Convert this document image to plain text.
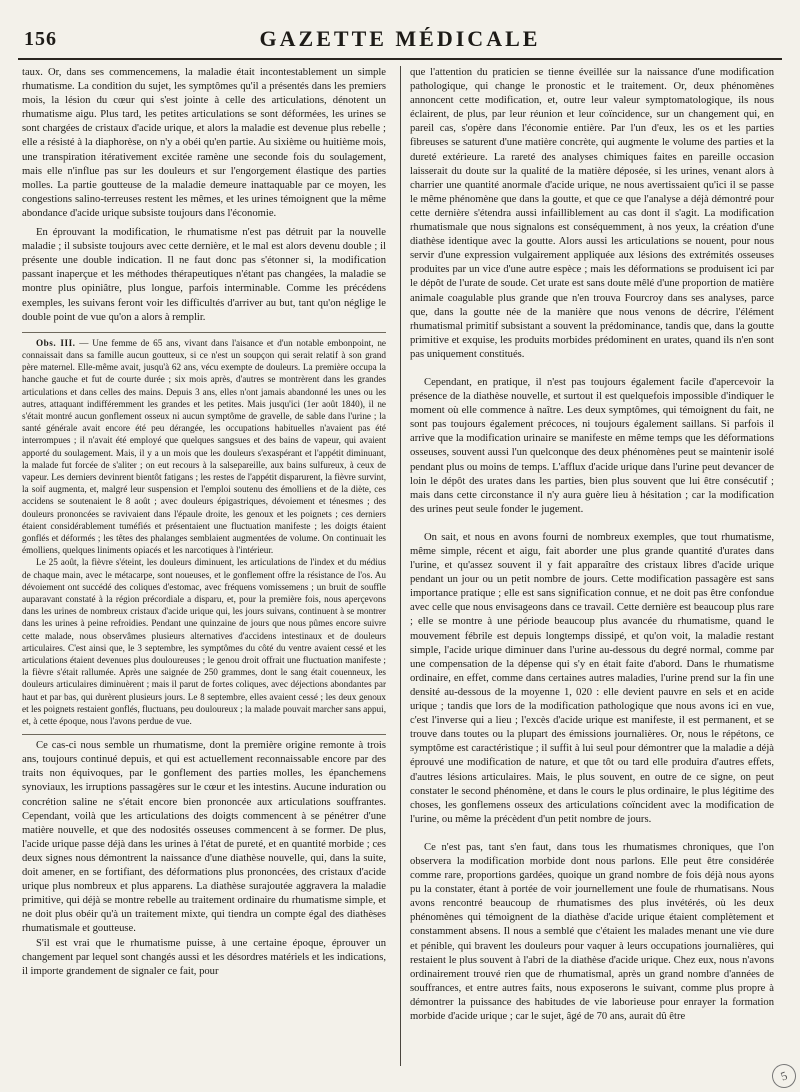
156	GAZETTE MÉDICALE

taux. Or, dans ses commencemens, la maladie était incontestablement un simple rhumatisme. La condition du sujet, les symptômes qu'il a présentés dans les premiers mois, la lésion du cœur qui s'est jointe à celle des articulations, dénotent un rhumatisme aigu. Plus tard, les petites articulations se sont déformées, les urines se sont chargées de cristaux d'acide urique, et alors la maladie est devenue plus rebelle ; elle a résisté à la diaphorèse, on n'y a obéi qu'en partie. Au sixième ou huitième mois, une transpiration itérativement excitée ramène une seconde fois du soulagement, mais elle n'influe pas sur les douleurs et sur l'engorgement élastique des parties molles. La partie goutteuse de la maladie demeure inattaquable par ce moyen, les congestions salino-terreuses restent les mêmes, et les urines témoignent que la même abondance d'acide urique subsiste toujours dans l'économie.

En éprouvant la modification, le rhumatisme n'est pas détruit par la nouvelle maladie ; il subsiste toujours avec cette dernière, et le mal est alors devenu double ; il présente une double indication. Il ne faut donc pas s'étonner si, la modification passant inaperçue et les méthodes thérapeutiques n'étant pas changées, la maladie se montre plus opiniâtre, plus longue, parfois interminable. Comme les précédens exemples, les suivans feront voir les difficultés d'arriver au but, tant qu'on néglige le double point de vue qu'on a alors à remplir.

Obs. III. — Une femme de 65 ans, vivant dans l'aisance et d'un notable embonpoint, ne connaissait dans sa famille aucun goutteux, si ce n'est un soupçon qui serait relatif à son grand père maternel. Elle-même avait, jusqu'à 62 ans, vécu exempte de douleurs. La première occupa la hanche gauche et fut de courte durée ; six mois après, d'autres se montrèrent dans les grandes articulations et dans celles des mains. Depuis 3 ans, elles n'ont jamais abandonné les unes ou les autres, attaquant indifféremment les grandes et les petites. Mais jusqu'ici (1er août 1840), il ne s'était montré aucun gonflement osseux ni aucun symptôme de gravelle, de sable dans l'urine ; la santé générale avait encore été peu dérangée, les occupations habituelles n'avaient pas été interrompues ; il n'avait été employé que quelques sangsues et des bains de vapeur, qui avaient apporté du soulagement. Mais, il y a un mois que les douleurs s'exaspérant et l'appétit diminuant, la malade fut forcée de s'aliter ; on eut recours à la salsepareille, aux bains sulfureux, à ceux de vapeur. Les derniers devinrent bientôt fatigans ; les restes de l'appétit disparurent, la fièvre survint, la soif augmenta, et, malgré leur suspension et l'emploi soutenu des émolliens et de la diète, ces accidens se soutenaient le 8 août ; avec douleurs épigastriques, dévoiement et ténesmes ; des douleurs prononcées se ravivaient dans l'épaule droite, les genoux et les poignets ; ces derniers étaient considérablement tuméfiés et présentaient une fluctuation manifeste ; les doigts étaient gonflés et déformés ; les têtes des phalanges semblaient augmentées de volume. On continuait les émolliens, quelques liniments opiacés et les narcotiques à l'intérieur.

Le 25 août, la fièvre s'éteint, les douleurs diminuent, les articulations de l'index et du médius de chaque main, avec le métacarpe, sont noueuses, et le gonflement offre la résistance de l'os. Au dévoiement ont succédé des coliques d'estomac, avec fréquens vomissemens ; un bruit de souffle auparavant constaté à la région précordiale a disparu, et, pour la première fois, nous aperçevons dans les urines de nombreux cristaux d'acide urique qui, les jours suivans, continuent à se montrer dans les urines à peine refroidies. Pendant une quinzaine de jours que nous pûmes encore suivre cette malade, nous observâmes plusieurs alternatives d'accidens intestinaux et de douleurs articulaires. C'est ainsi que, le 3 septembre, les symptômes du côté du ventre avaient cessé et les articulations étaient devenues plus douloureuses ; le genou droit offrait une fluctuation manifeste ; la fièvre s'était rallumée. Après une saignée de 250 grammes, dont le sang était couenneux, les douleurs articulaires diminuèrent ; mais il parut de fortes coliques, avec déjections abondantes par haut et par bas, qui durèrent plusieurs jours. Le 8 septembre, elles avaient cessé ; les deux genoux et les poignets restaient gonflés, fluctuans, peu douloureux ; la malade pouvait marcher sans appui, et, à cette époque, nous l'avons perdue de vue.

Ce cas-ci nous semble un rhumatisme, dont la première origine remonte à trois ans, toujours continué depuis, et qui est actuellement reconnaissable encore par des traits non équivoques, par le gonflement des parties molles, les épanchemens synoviaux, les irruptions passagères sur le cœur et les intestins. Aucune induration ou concrétion saline ne s'était encore bien prononcée aux articulations souffrantes. Cependant, voilà que les articulations des doigts commencent à se pénétrer d'une matière nouvelle, et que des nodosités osseuses commencent à se former. De plus, l'acide urique passe déjà dans les urines à l'état de pureté, et en quantité morbide ; ces deux signes nous démontrent la naissance d'une diathèse nouvelle, qui, dans la suite, doit amener, en se fortifiant, des déformations plus prononcées, des cristaux d'acide urique plus nombreux et plus apparens. La diathèse surajoutée aggravera la maladie primitive, qui déjà se montre rebelle au traitement ordinaire du rhumatisme simple, et ne doit plus obéir qu'à un traitement mixte, qui tiendra un compte égal des diathèses rhumatismale et goutteuse.

S'il est vrai que le rhumatisme puisse, à une certaine époque, éprouver un changement par lequel sont changés aussi et les désordres matériels et les indications, il importe grandement de signaler ce fait, pour

que l'attention du praticien se tienne éveillée sur la naissance d'une modification pathologique, qui change le pronostic et le traitement. Or, deux phénomènes annoncent cette modification, et, outre leur valeur symptomatologique, ils nous éclairent, de plus, par leur réunion et leur coïncidence, sur un changement qui, en pareil cas, s'opère dans l'économie entière. Par l'un d'eux, les os et les parties fibreuses se saturent d'une matière concrète, qui augmente le volume des parties et la dureté extérieure. La rareté des analyses chimiques faites en pareille occasion laisserait du doute sur la qualité de la matière déposée, si les urines, venant alors à charrier une quantité anormale d'acide urique, ne nous avertissaient qu'ici il se passe le même phénomène que dans la goutte, et que ce que l'analyse a déjà démontré pour cette dernière s'étendra aussi infailliblement au cas dont il s'agit. La modification rhumatismale que nous signalons est conséquemment, à nos yeux, la création d'une diathèse identique avec la goutte. Alors aussi les articulations se nouent, pour nous servir d'une expression vulgairement appliquée aux lésions des extrémités osseuses produites par un vice d'une autre espèce ; mais les déformations se produisent ici par le dépôt de l'urate de soude. Cet urate est sans doute mêlé d'une proportion de matière animale coagulable plus grande que n'en trouva Fourcroy dans ses analyses, parce que, dans la goutte née de la manière que nous venons de décrire, l'élément rhumatismal primitif subsistant a souvent la prédominance, tandis que, dans la goutte primitive et exquise, les produits morbides prédominent en urates, quand ils n'en sont pas uniquement constitués.

Cependant, en pratique, il n'est pas toujours également facile d'apercevoir la présence de la diathèse nouvelle, et surtout il est quelquefois impossible d'indiquer le moment où elle commence à naître. Les deux symptômes, qui témoignent du fait, ne sont pas toujours également précoces, ni toujours également saillans. Si parfois il arrive que la modification urinaire se manifeste en même temps que les déformations osseuses, souvent aussi l'un quelconque des deux phénomènes peut se maintenir isolé pendant plus ou moins de temps. L'afflux d'acide urique dans l'urine peut devancer de loin le dépôt des urates dans les parties, bien plus souvent que lui être consécutif ; mais dans cette circonstance il n'y aura guère lieu à hésitation ; car la modification des urines peut seule fonder le jugement.

On sait, et nous en avons fourni de nombreux exemples, que tout rhumatisme, même simple, récent et aigu, fait aborder une plus grande quantité d'urates dans l'urine, et qu'assez souvent il y fait apparaître des cristaux libres d'acide urique pendant un jour ou un petit nombre de jours. Cette modification passagère est sans importance pratique ; elle est sans signification connue, et ne doit pas être confondue avec celle que nous envisageons dans ce travail. Cette dernière est beaucoup plus rare ; elle se montre à une période beaucoup plus avancée du rhumatisme, quand le mouvement fébrile est depuis longtemps dissipé, et qu'on voit, la maladie restant simple, l'acide urique diminuer dans l'urine au-dessous du degré normal, comme par une compensation de la dépense qui s'y en était faite d'abord. Dans le rhumatisme ordinaire, en effet, comme dans certaines autres maladies, l'urine prend sur la fin une densité au-dessous de la moyenne 1, 020 : elle devient pauvre en sels et en acide urique ; tandis que lors de la modification pathologique que nous avons ici en vue, c'est l'inverse qui a lieu ; l'excès d'acide urique est manifeste, il est permanent, et se trouve dans toutes ou la plupart des émissions journalières. Or, nous le répétons, ce symptôme est caractéristique ; il suffit à lui seul pour démontrer que la maladie a déjà éprouvé une modification de nature, et que tôt ou tard elle produira d'autres effets, d'autres lésions articulaires. Mais, le plus souvent, en outre de ce signe, on peut constater le second phénomène, et dans le cours le plus ordinaire, le plus légitime des choses, les gonflemens osseux des articulations coïncident avec la modification de l'urine, ou même la précèdent d'un petit nombre de jours.

Ce n'est pas, tant s'en faut, dans tous les rhumatismes chroniques, que l'on observera la modification morbide dont nous parlons. Elle peut être considérée comme rare, proportions gardées, quoique un grand nombre de fois déjà nous ayons pu la constater, étant à portée de voir journellement une foule de rhumatisans. Nous avons rencontré beaucoup de rhumatismes des plus invétérés, où les deux phénomènes qui témoignent de la diathèse d'acide urique étaient complètement et constamment absens. Il nous a semblé que c'étaient les malades menant une vie dure et pénible, qui bravent les douleurs pour vaquer à leurs occupations journalières, qui restaient le plus souvent à l'abri de la diathèse d'acide urique. Chez eux, nous n'avons ordinairement trouvé rien que de rhumatismal, après un grand nombre d'années de souffrances, et entre autres faits, nous exposerons le suivant, comme plus propre à démontrer la puissance des habitudes de vie laborieuse pour enrayer la formation morbide d'acide urique ; car le sujet, âgé de 70 ans, aurait dû être

5
